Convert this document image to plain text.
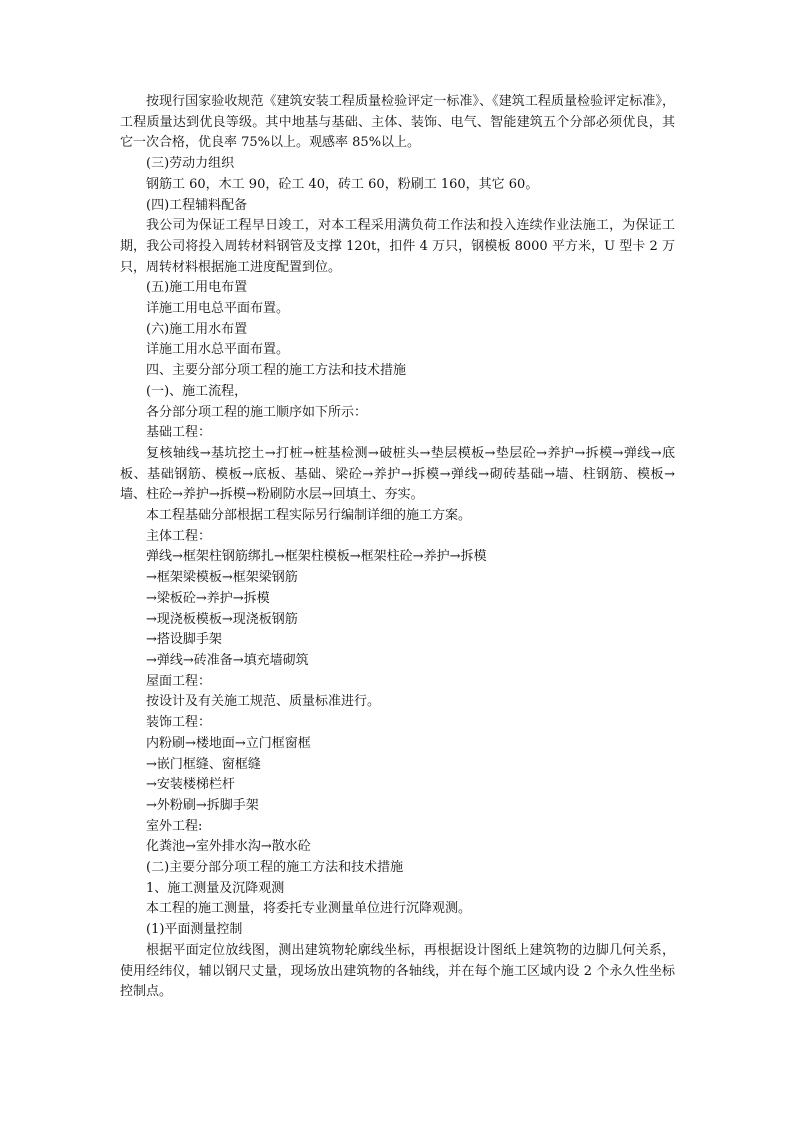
按现行国家验收规范《建筑安装工程质量检验评定一标准》、《建筑工程质量检验评定标准》，工程质量达到优良等级。其中地基与基础、主体、装饰、电气、智能建筑五个分部必须优良，其它一次合格，优良率 75%以上。观感率 85%以上。

(三)劳动力组织

钢筋工 60，木工 90，砼工 40，砖工 60，粉刷工 160，其它 60。

(四)工程辅料配备

我公司为保证工程早日竣工，对本工程采用满负荷工作法和投入连续作业法施工，为保证工期，我公司将投入周转材料钢管及支撑 120t，扣件 4 万只，钢模板 8000 平方米，U 型卡 2 万只，周转材料根据施工进度配置到位。

(五)施工用电布置

详施工用电总平面布置。

(六)施工用水布置

详施工用水总平面布置。

四、主要分部分项工程的施工方法和技术措施

(一)、施工流程，

各分部分项工程的施工顺序如下所示：

基础工程：

复核轴线→基坑挖土→打桩→桩基检测→破桩头→垫层模板→垫层砼→养护→拆模→弹线→底板、基础钢筋、模板→底板、基础、梁砼→养护→拆模→弹线→砌砖基础→墙、柱钢筋、模板→墙、柱砼→养护→拆模→粉刷防水层→回填土、夯实。

本工程基础分部根据工程实际另行编制详细的施工方案。

主体工程：

弹线→框架柱钢筋绑扎→框架柱模板→框架柱砼→养护→拆模

→框架梁模板→框架梁钢筋

→梁板砼→养护→拆模

→现浇板模板→现浇板钢筋

→搭设脚手架

→弹线→砖准备→填充墙砌筑

屋面工程：

按设计及有关施工规范、质量标准进行。

装饰工程：

内粉刷→楼地面→立门框窗框

→嵌门框缝、窗框缝

→安装楼梯栏杆

→外粉刷→拆脚手架

室外工程:

化粪池→室外排水沟→散水砼

(二)主要分部分项工程的施工方法和技术措施

1、施工测量及沉降观测

本工程的施工测量，将委托专业测量单位进行沉降观测。

(1)平面测量控制

根据平面定位放线图，测出建筑物轮廓线坐标，再根据设计图纸上建筑物的边脚几何关系，使用经纬仪，辅以钢尺丈量，现场放出建筑物的各轴线，并在每个施工区域内设 2 个永久性坐标控制点。
